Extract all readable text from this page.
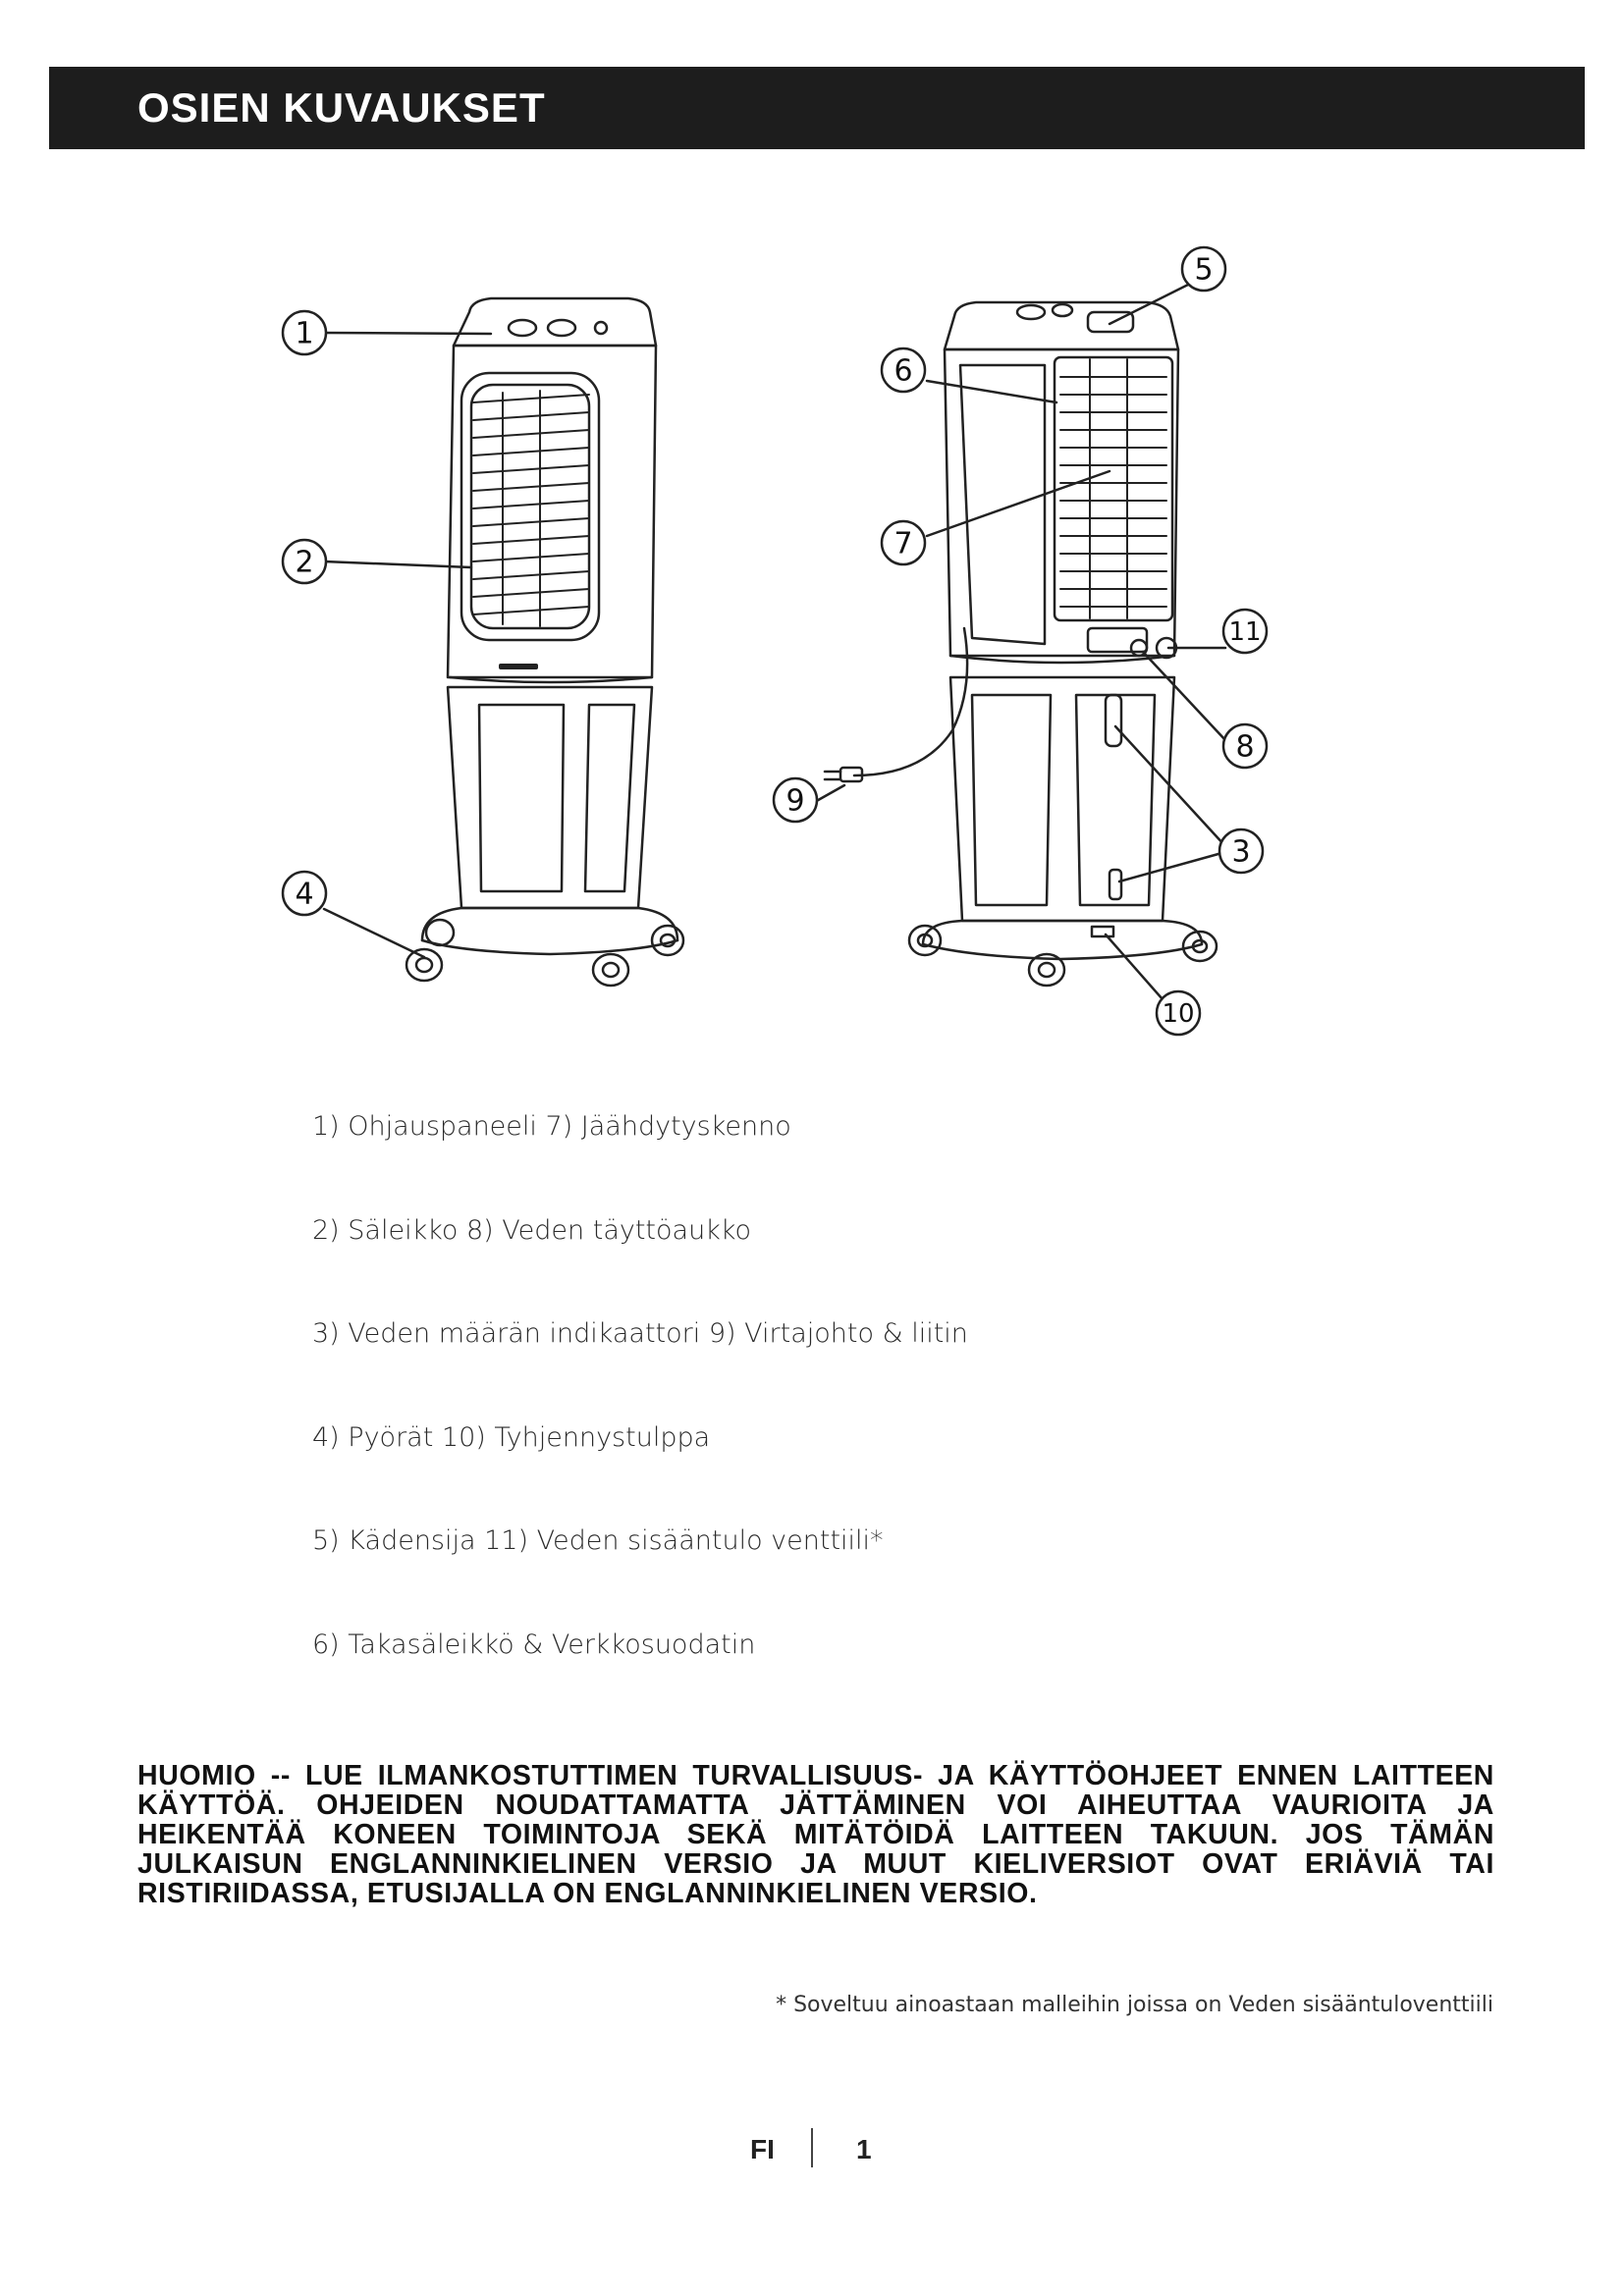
OSIEN KUVAUKSET
1
2
3
4
5
6
7
8
9
10
11
1) Ohjauspaneeli 7) Jäähdytyskenno
2) Säleikko 8) Veden täyttöaukko
3) Veden määrän indikaattori 9) Virtajohto & liitin
4) Pyörät 10) Tyhjennystulppa
5) Kädensija 11) Veden sisääntulo venttiili*
6) Takasäleikkö & Verkkosuodatin
HUOMIO -- LUE ILMANKOSTUTTIMEN TURVALLISUUS- JA KÄYTTÖOHJEET ENNEN LAITTEEN KÄYTTÖÄ. OHJEIDEN NOUDATTAMATTA JÄTTÄMINEN VOI AIHEUTTAA VAURIOITA JA HEIKENTÄÄ KONEEN TOIMINTOJA SEKÄ MITÄTÖIDÄ LAITTEEN TAKUUN. JOS TÄMÄN JULKAISUN ENGLANNINKIELINEN VERSIO JA MUUT KIELIVERSIOT OVAT ERIÄVIÄ TAI RISTIRIIDASSA, ETUSIJALLA ON ENGLANNINKIELINEN VERSIO.
* Soveltuu ainoastaan malleihin joissa on Veden sisääntuloventtiili
FI	1
